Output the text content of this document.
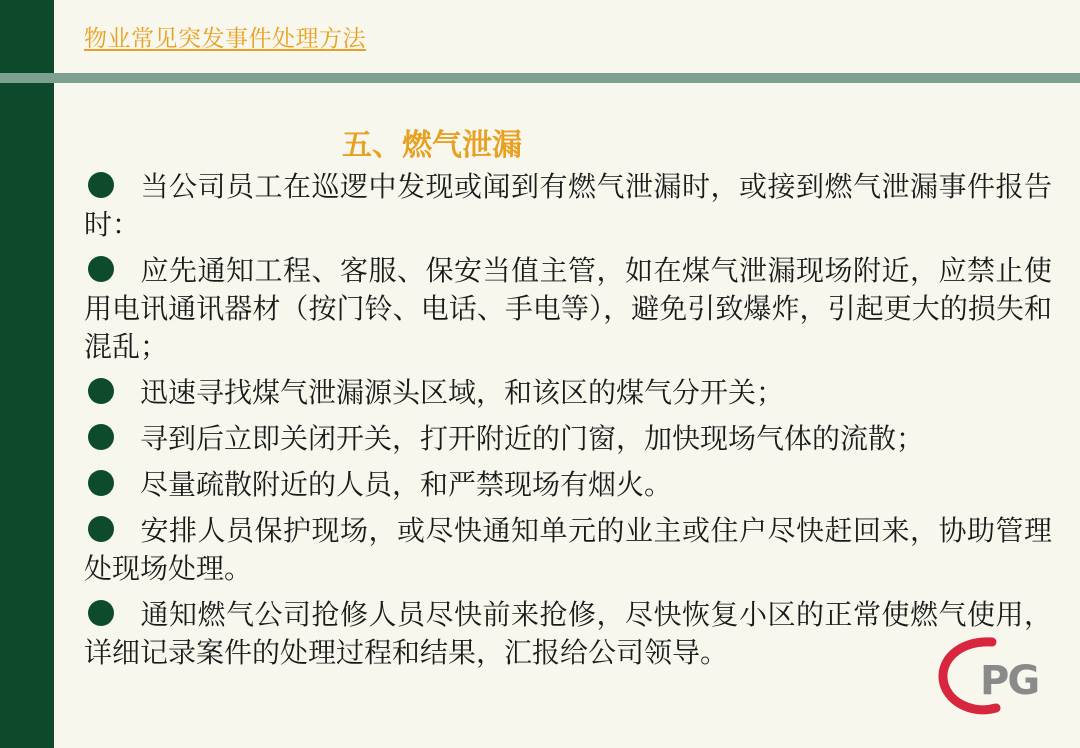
物业常见突发事件处理方法
五、燃气泄漏
当公司员工在巡逻中发现或闻到有燃气泄漏时，或接到燃气泄漏事件报告时：
应先通知工程、客服、保安当值主管，如在煤气泄漏现场附近，应禁止使用电讯通讯器材（按门铃、电话、手电等），避免引致爆炸，引起更大的损失和混乱；
迅速寻找煤气泄漏源头区域，和该区的煤气分开关；
寻到后立即关闭开关，打开附近的门窗，加快现场气体的流散；
尽量疏散附近的人员，和严禁现场有烟火。
安排人员保护现场，或尽快通知单元的业主或住户尽快赶回来，协助管理处现场处理。
通知燃气公司抢修人员尽快前来抢修，尽快恢复小区的正常使燃气使用，详细记录案件的处理过程和结果，汇报给公司领导。
PG
